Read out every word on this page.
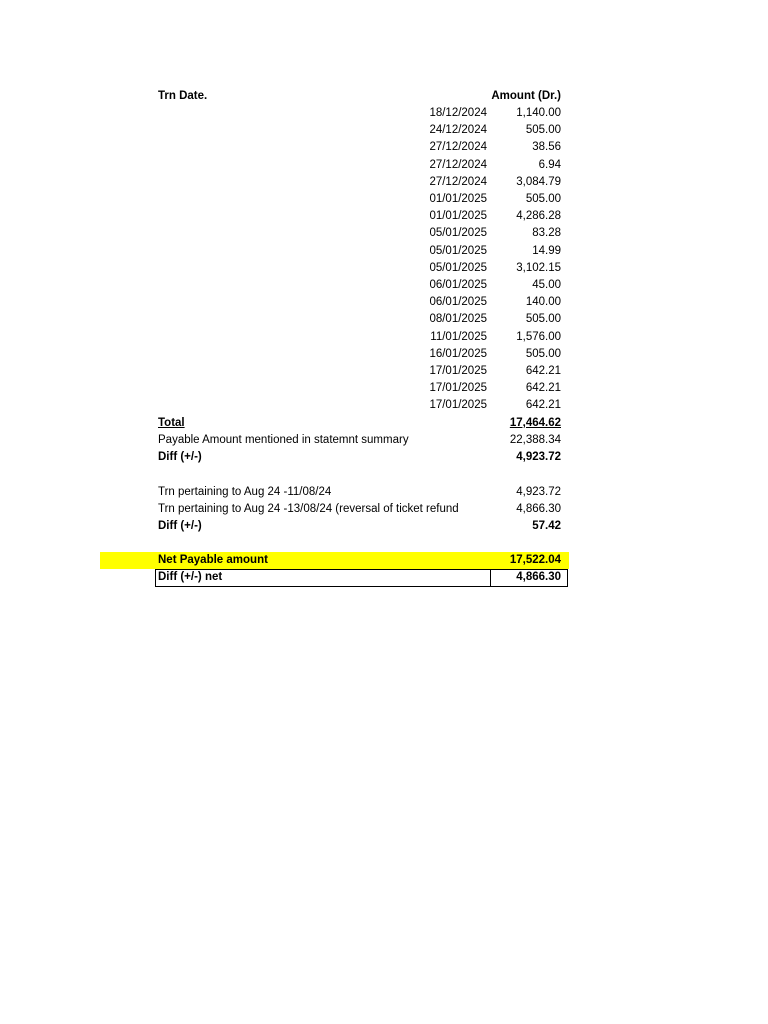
Trn Date.	Amount (Dr.)
18/12/2024	1,140.00
24/12/2024	505.00
27/12/2024	38.56
27/12/2024	6.94
27/12/2024	3,084.79
01/01/2025	505.00
01/01/2025	4,286.28
05/01/2025	83.28
05/01/2025	14.99
05/01/2025	3,102.15
06/01/2025	45.00
06/01/2025	140.00
08/01/2025	505.00
11/01/2025	1,576.00
16/01/2025	505.00
17/01/2025	642.21
17/01/2025	642.21
17/01/2025	642.21
Total	17,464.62
Payable Amount mentioned in statemnt summary	22,388.34
Diff (+/-)	4,923.72
Trn pertaining to Aug 24 -11/08/24	4,923.72
Trn pertaining to Aug 24 -13/08/24 (reversal of ticket refund	4,866.30
Diff (+/-)	57.42
Net Payable amount	17,522.04
Diff (+/-) net	4,866.30
